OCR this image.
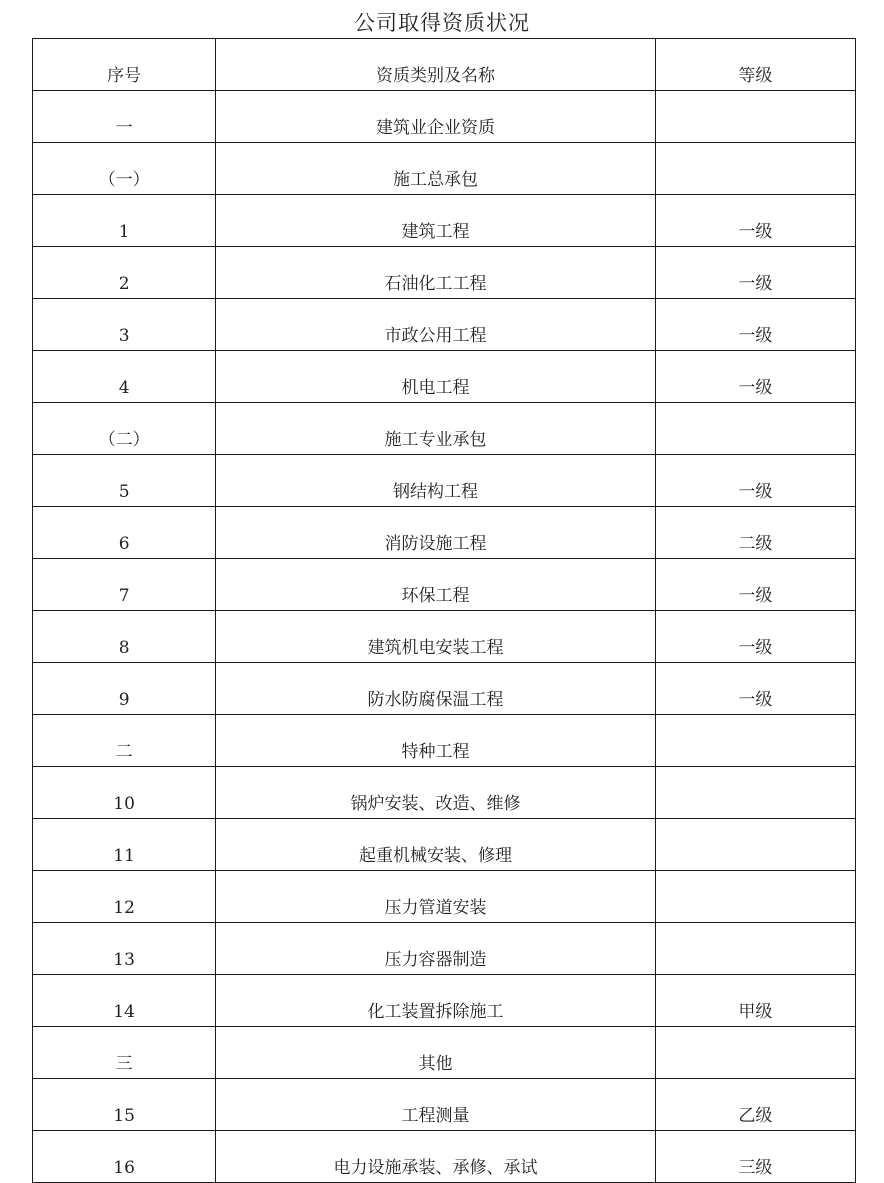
公司取得资质状况
序号	资质类别及名称	等级
一	建筑业企业资质	
（一）	施工总承包	
1	建筑工程	一级
2	石油化工工程	一级
3	市政公用工程	一级
4	机电工程	一级
（二）	施工专业承包	
5	钢结构工程	一级
6	消防设施工程	二级
7	环保工程	一级
8	建筑机电安装工程	一级
9	防水防腐保温工程	一级
二	特种工程	
10	锅炉安装、改造、维修	
11	起重机械安装、修理	
12	压力管道安装	
13	压力容器制造	
14	化工装置拆除施工	甲级
三	其他	
15	工程测量	乙级
16	电力设施承装、承修、承试	三级
